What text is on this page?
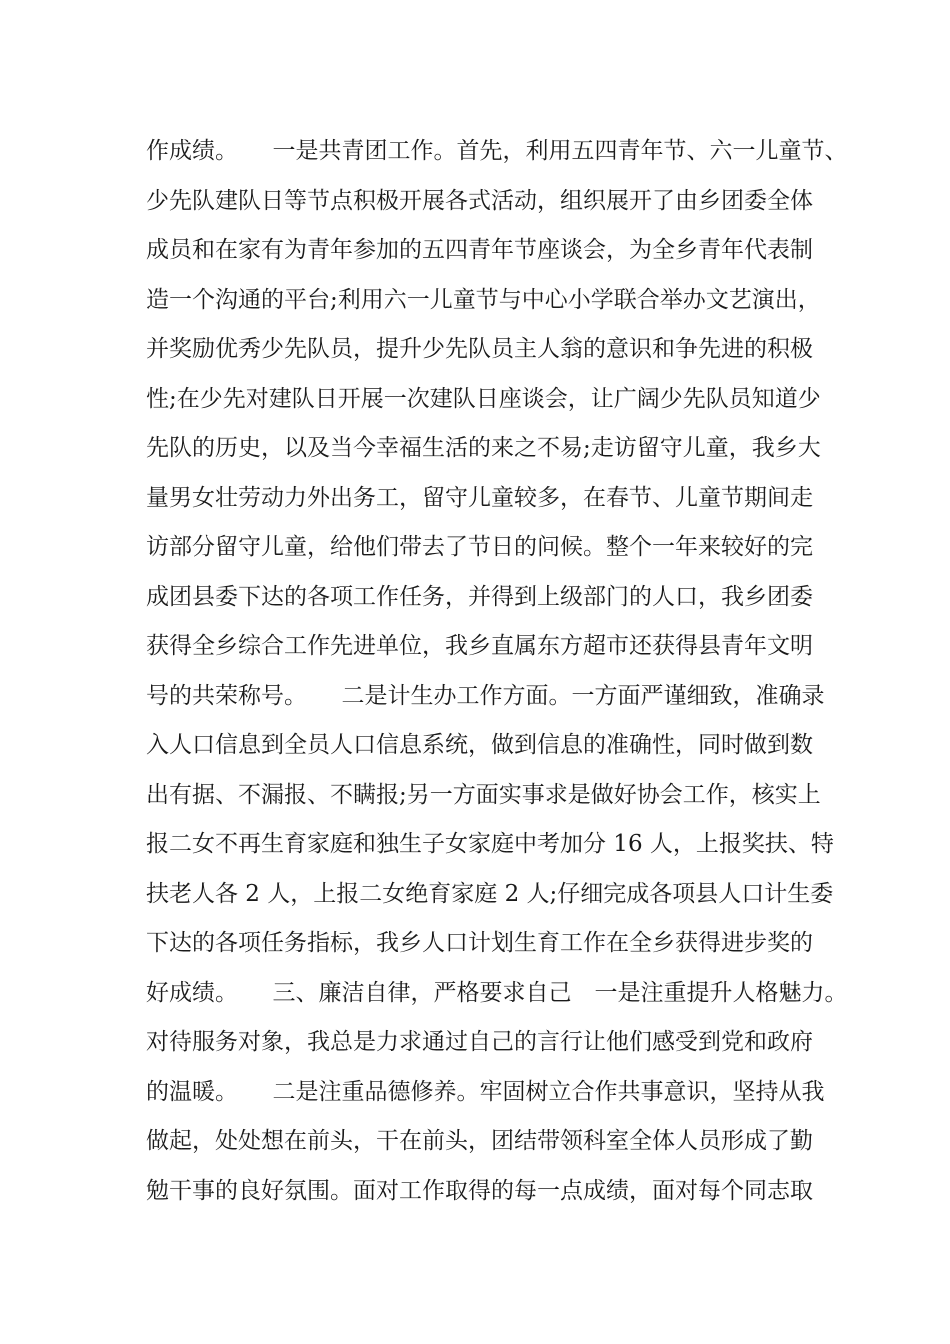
作成绩。　　一是共青团工作。首先，利用五四青年节、六一儿童节、
少先队建队日等节点积极开展各式活动，组织展开了由乡团委全体
成员和在家有为青年参加的五四青年节座谈会，为全乡青年代表制
造一个沟通的平台;利用六一儿童节与中心小学联合举办文艺演出，
并奖励优秀少先队员，提升少先队员主人翁的意识和争先进的积极
性;在少先对建队日开展一次建队日座谈会，让广阔少先队员知道少
先队的历史，以及当今幸福生活的来之不易;走访留守儿童，我乡大
量男女壮劳动力外出务工，留守儿童较多，在春节、儿童节期间走
访部分留守儿童，给他们带去了节日的问候。整个一年来较好的完
成团县委下达的各项工作任务，并得到上级部门的人口，我乡团委
获得全乡综合工作先进单位，我乡直属东方超市还获得县青年文明
号的共荣称号。　　二是计生办工作方面。一方面严谨细致，准确录
入人口信息到全员人口信息系统，做到信息的准确性，同时做到数
出有据、不漏报、不瞒报;另一方面实事求是做好协会工作，核实上
报二女不再生育家庭和独生子女家庭中考加分 16 人，上报奖扶、特
扶老人各 2 人，上报二女绝育家庭 2 人;仔细完成各项县人口计生委
下达的各项任务指标，我乡人口计划生育工作在全乡获得进步奖的
好成绩。　　三、廉洁自律，严格要求自己　一是注重提升人格魅力。
对待服务对象，我总是力求通过自己的言行让他们感受到党和政府
的温暖。　　二是注重品德修养。牢固树立合作共事意识，坚持从我
做起，处处想在前头，干在前头，团结带领科室全体人员形成了勤
勉干事的良好氛围。面对工作取得的每一点成绩，面对每个同志取
